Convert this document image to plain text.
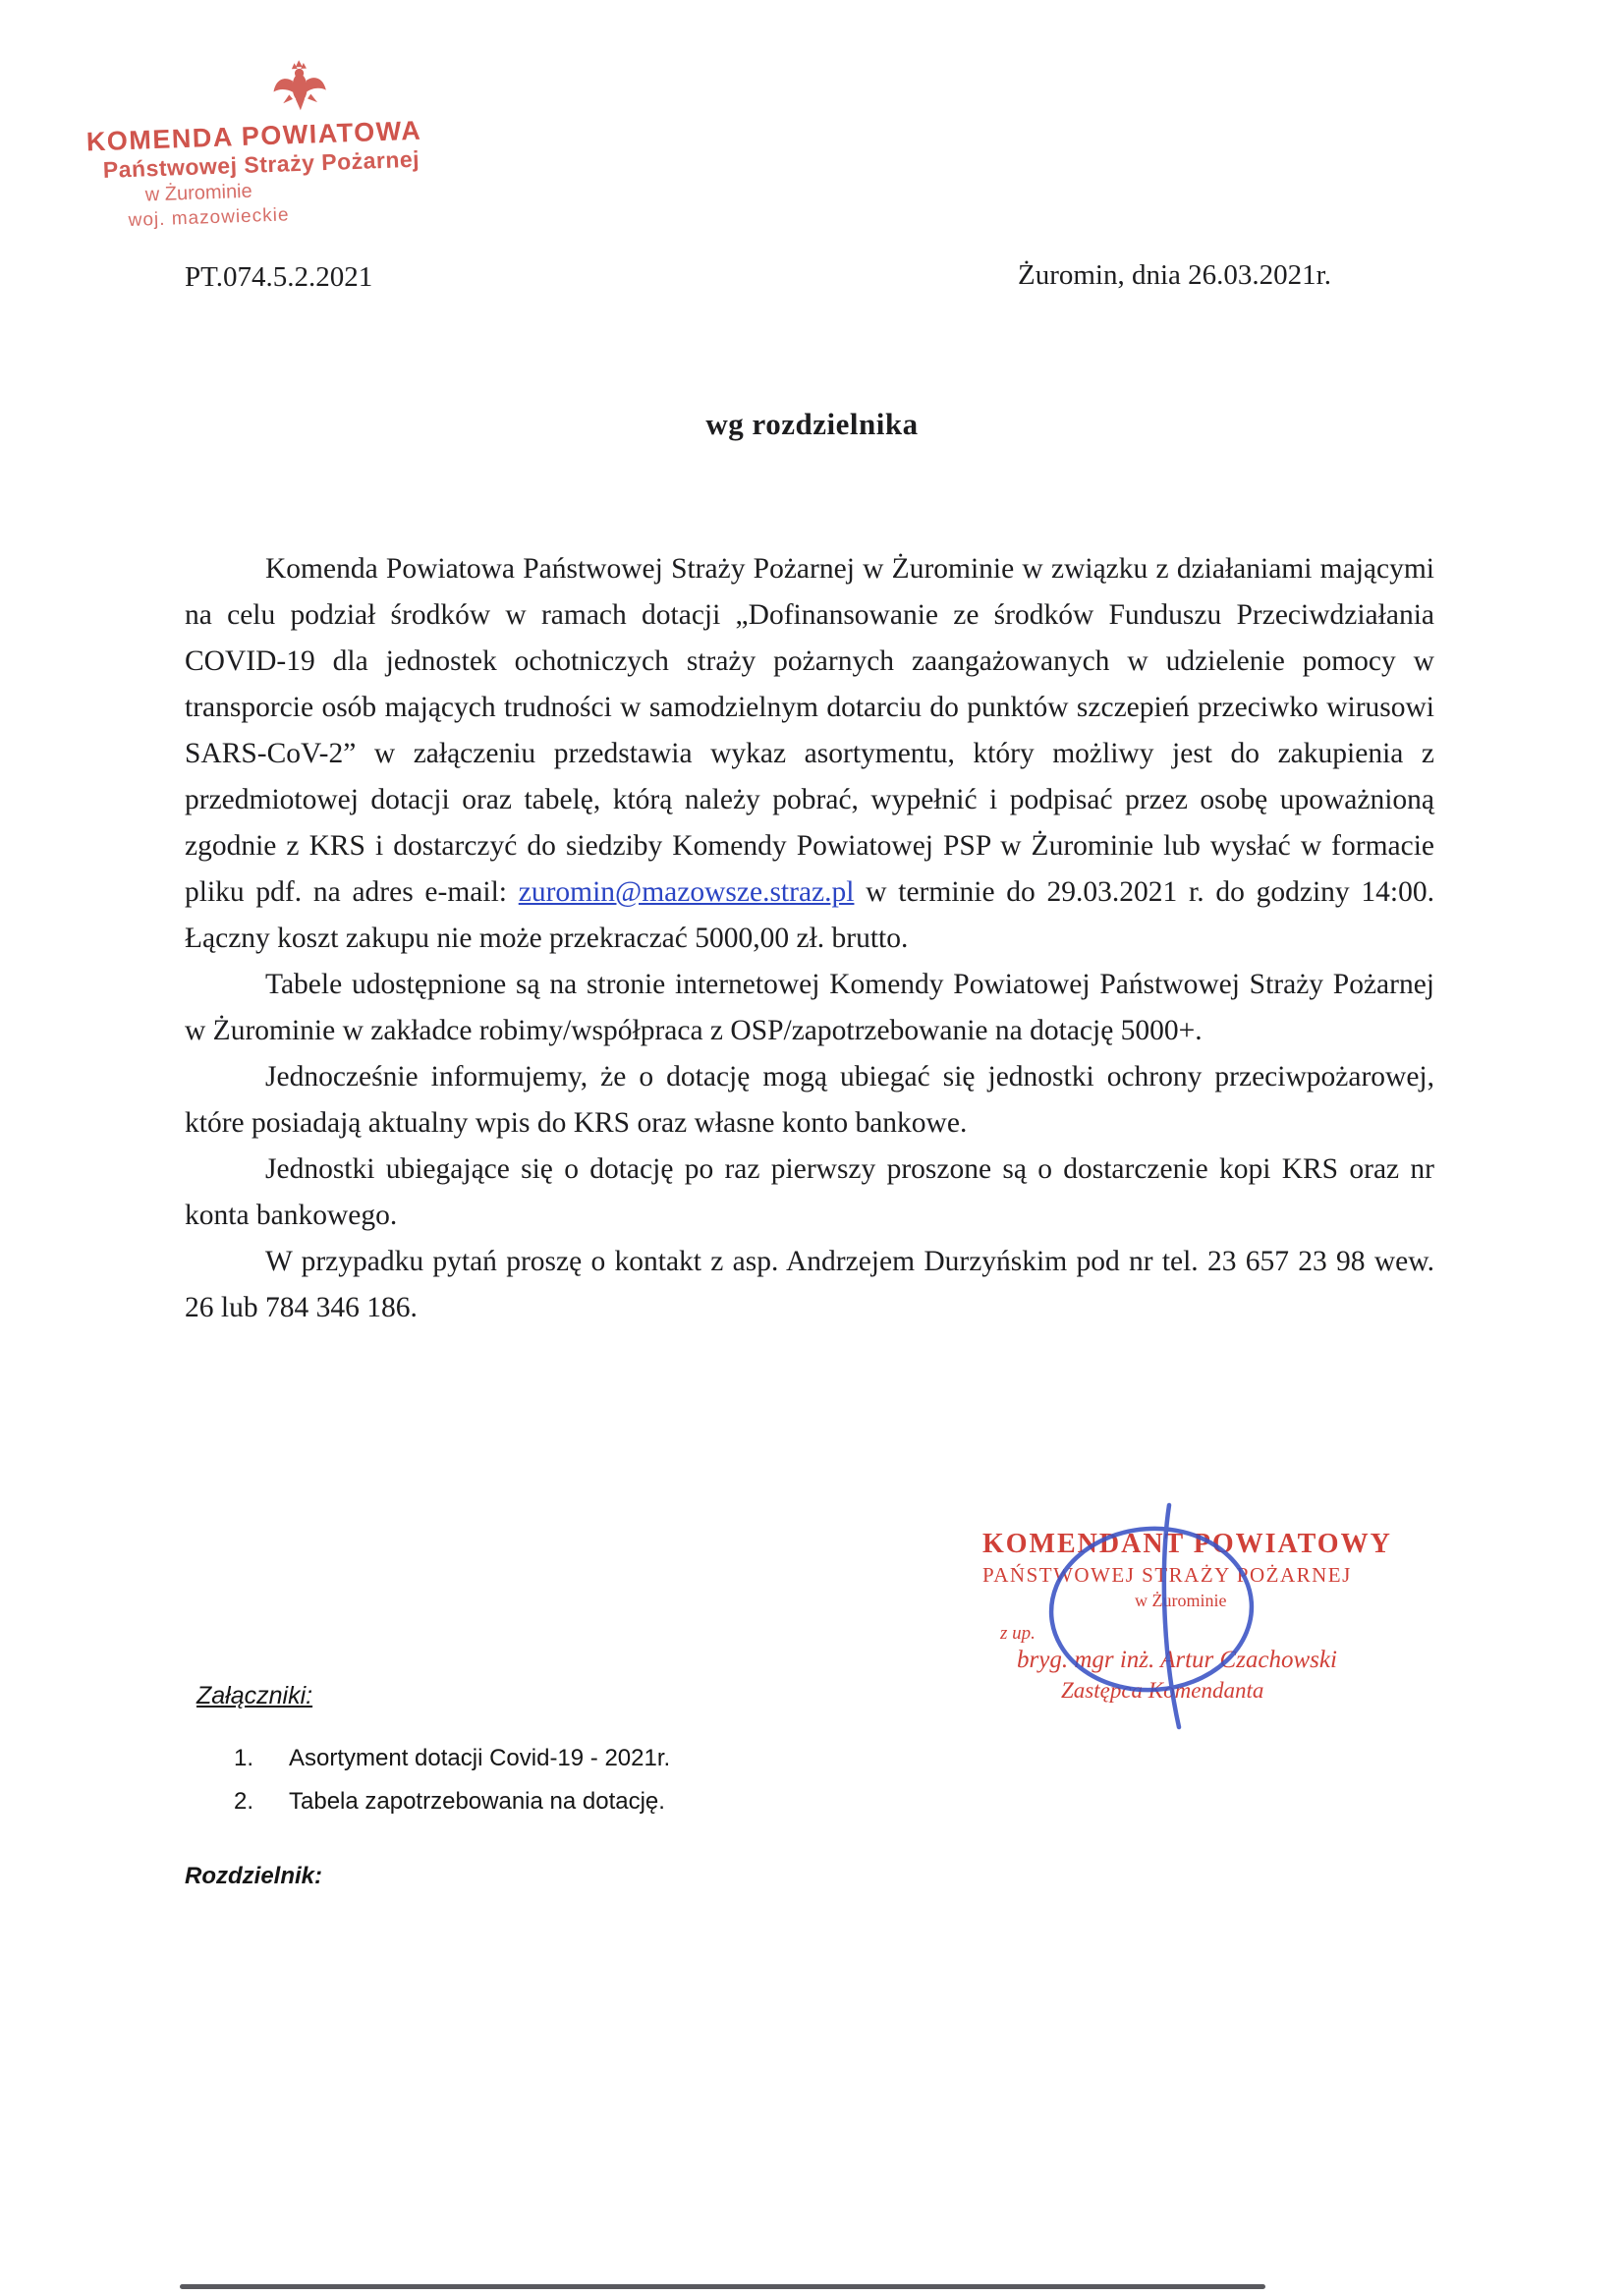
KOMENDA POWIATOWA
Państwowej Straży Pożarnej
w Żurominie
woj. mazowieckie
PT.074.5.2.2021	Żuromin, dnia 26.03.2021r.
wg rozdzielnika

Komenda Powiatowa Państwowej Straży Pożarnej w Żurominie w związku z działaniami mającymi na celu podział środków w ramach dotacji „Dofinansowanie ze środków Funduszu Przeciwdziałania COVID-19 dla jednostek ochotniczych straży pożarnych zaangażowanych w udzielenie pomocy w transporcie osób mających trudności w samodzielnym dotarciu do punktów szczepień przeciwko wirusowi SARS-CoV-2” w załączeniu przedstawia wykaz asortymentu, który możliwy jest do zakupienia z przedmiotowej dotacji oraz tabelę, którą należy pobrać, wypełnić i podpisać przez osobę upoważnioną zgodnie z KRS i dostarczyć do siedziby Komendy Powiatowej PSP w Żurominie lub wysłać w formacie pliku pdf. na adres e-mail: zuromin@mazowsze.straz.pl w terminie do 29.03.2021 r. do godziny 14:00. Łączny koszt zakupu nie może przekraczać 5000,00 zł. brutto.

Tabele udostępnione są na stronie internetowej Komendy Powiatowej Państwowej Straży Pożarnej w Żurominie w zakładce robimy/współpraca z OSP/zapotrzebowanie na dotację 5000+.

Jednocześnie informujemy, że o dotację mogą ubiegać się jednostki ochrony przeciwpożarowej, które posiadają aktualny wpis do KRS oraz własne konto bankowe.

Jednostki ubiegające się o dotację po raz pierwszy proszone są o dostarczenie kopi KRS oraz nr konta bankowego.

W przypadku pytań proszę o kontakt z asp. Andrzejem Durzyńskim pod nr tel. 23 657 23 98 wew. 26 lub 784 346 186.

KOMENDANT POWIATOWY
PAŃSTWOWEJ STRAŻY POŻARNEJ
w Żurominie
z up.
bryg. mgr inż. Artur Czachowski
Zastępca Komendanta
Załączniki:
1. Asortyment dotacji Covid-19 - 2021r.
2. Tabela zapotrzebowania na dotację.
Rozdzielnik:
